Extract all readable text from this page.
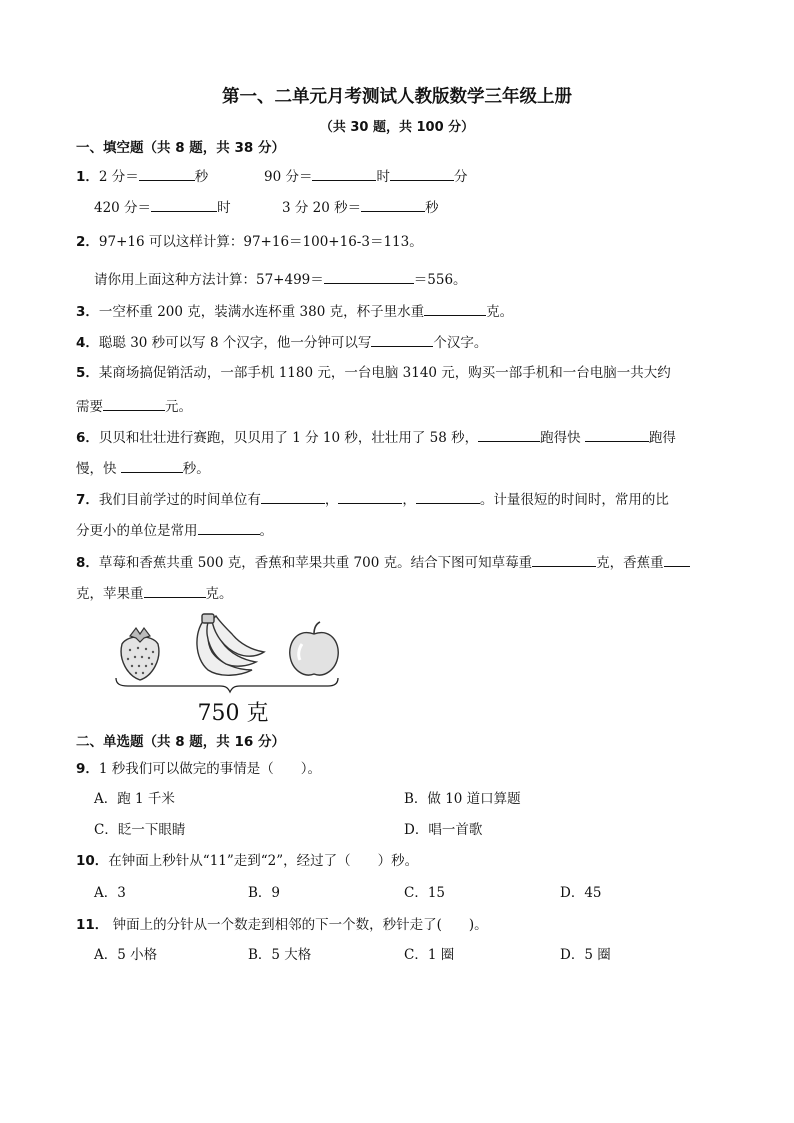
第一、二单元月考测试人教版数学三年级上册
（共 30 题，共 100 分）
一、填空题（共 8 题，共 38 分）
1．2 分＝	秒	90 分＝	时	分
420 分＝	时	3 分 20 秒＝	秒
2．97+16 可以这样计算：97+16＝100+16-3＝113。
请你用上面这种方法计算：57+499＝	＝556。
3．一空杯重 200 克，装满水连杯重 380 克，杯子里水重	克。
4．聪聪 30 秒可以写 8 个汉字，他一分钟可以写	个汉字。
5．某商场搞促销活动，一部手机 1180 元，一台电脑 3140 元，购买一部手机和一台电脑一共大约
需要	元。
6．贝贝和壮壮进行赛跑，贝贝用了 1 分 10 秒，壮壮用了 58 秒，	跑得快	跑得
慢，快	秒。
7．我们目前学过的时间单位有	，	，	。计量很短的时间时，常用的比
分更小的单位是常用	。
8．草莓和香蕉共重 500 克，香蕉和苹果共重 700 克。结合下图可知草莓重	克，香蕉重
克，苹果重	克。
750 克
二、单选题（共 8 题，共 16 分）
9．1 秒我们可以做完的事情是（　　）。
A．跑 1 千米	B．做 10 道口算题
C．眨一下眼睛	D．唱一首歌
10．在钟面上秒针从“11”走到“2”，经过了（　　）秒。
A．3	B．9	C．15	D．45
11． 钟面上的分针从一个数走到相邻的下一个数，秒针走了(　　)。
A．5 小格	B．5 大格	C．1 圈	D．5 圈
